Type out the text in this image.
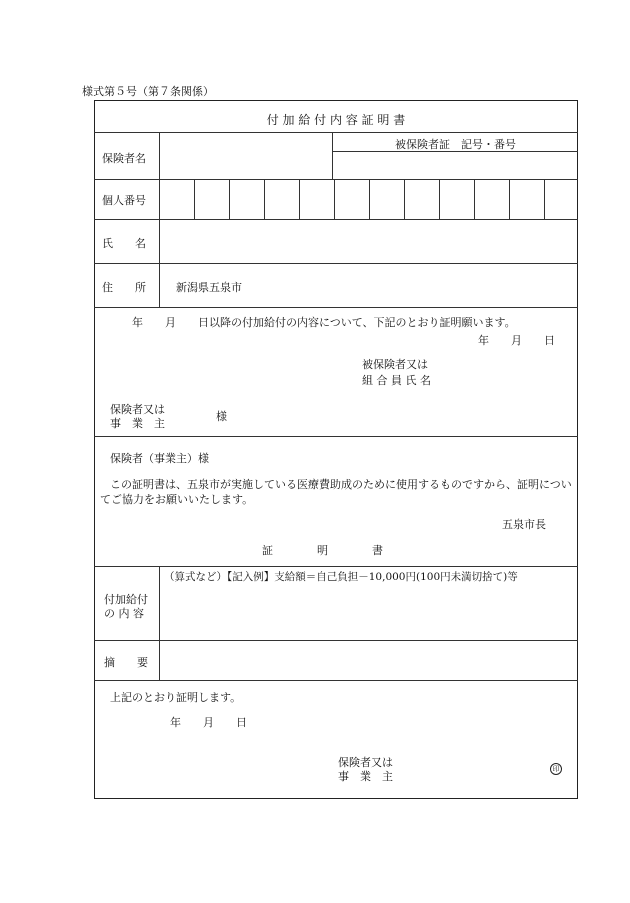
様式第５号（第７条関係）
付 加 給 付 内 容 証 明 書
保険者名
被保険者証　記号・番号
個人番号
氏　　名
住　　所	新潟県五泉市
年　　月　　日以降の付加給付の内容について、下記のとおり証明願います。
年　　月　　日
被保険者又は
組 合 員 氏 名
保険者又は
事　業　主
様
保険者（事業主）様
この証明書は、五泉市が実施している医療費助成のために使用するものですから、証明についてご協力をお願いいたします。
五泉市長
証　　　　明　　　　書
付加給付
の 内 容
（算式など）【記入例】支給額＝自己負担－10,000円(100円未満切捨て)等
摘　　要
上記のとおり証明します。
年　　月　　日
保険者又は
事　業　主
印
